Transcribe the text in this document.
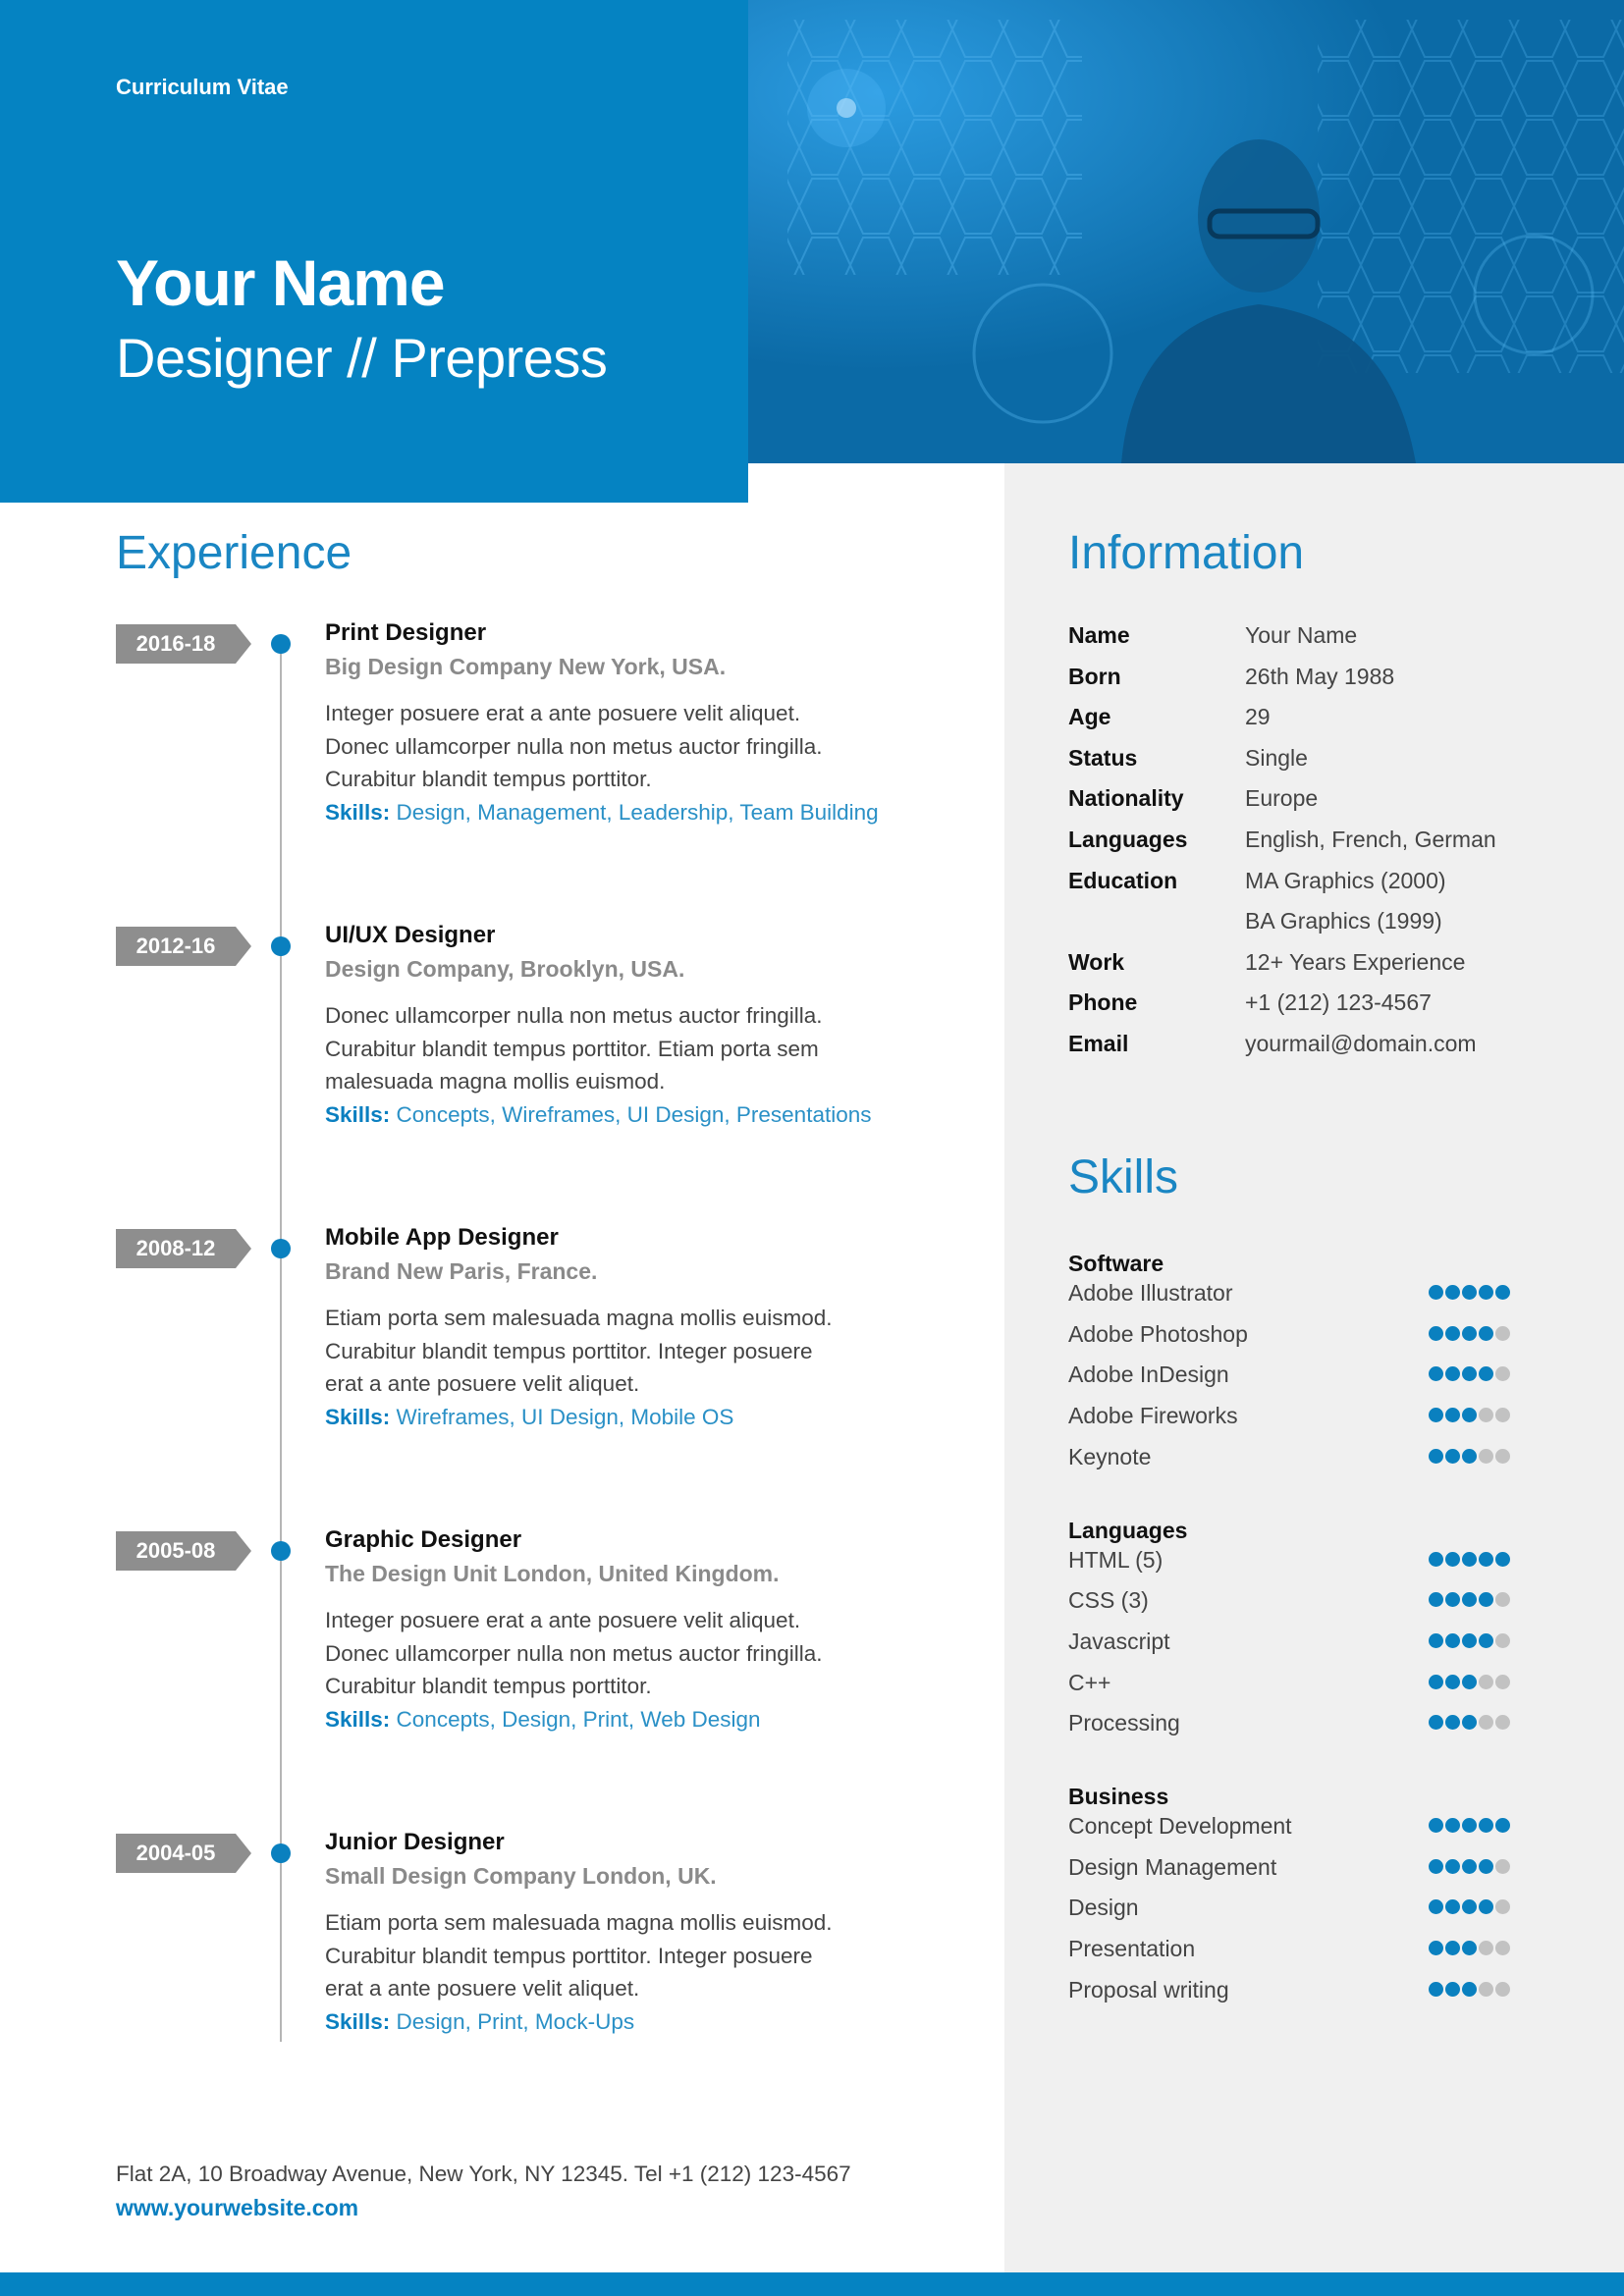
Curriculum Vitae
Your Name
Designer // Prepress
Experience
2016-18	Print Designer
Big Design Company New York, USA.
Integer posuere erat a ante posuere velit aliquet.
Donec ullamcorper nulla non metus auctor fringilla.
Curabitur blandit tempus porttitor.
Skills: Design, Management, Leadership, Team Building
2012-16	UI/UX Designer
Design Company, Brooklyn, USA.
Donec ullamcorper nulla non metus auctor fringilla.
Curabitur blandit tempus porttitor. Etiam porta sem
malesuada magna mollis euismod.
Skills: Concepts, Wireframes, UI Design, Presentations
2008-12	Mobile App Designer
Brand New Paris, France.
Etiam porta sem malesuada magna mollis euismod.
Curabitur blandit tempus porttitor. Integer posuere
erat a ante posuere velit aliquet.
Skills: Wireframes, UI Design, Mobile OS
2005-08	Graphic Designer
The Design Unit London, United Kingdom.
Integer posuere erat a ante posuere velit aliquet.
Donec ullamcorper nulla non metus auctor fringilla.
Curabitur blandit tempus porttitor.
Skills: Concepts, Design, Print, Web Design
2004-05	Junior Designer
Small Design Company London, UK.
Etiam porta sem malesuada magna mollis euismod.
Curabitur blandit tempus porttitor. Integer posuere
erat a ante posuere velit aliquet.
Skills: Design, Print, Mock-Ups
Information
Name	Your Name
Born	26th May 1988
Age	29
Status	Single
Nationality	Europe
Languages	English, French, German
Education	MA Graphics (2000)
BA Graphics (1999)
Work	12+ Years Experience
Phone	+1 (212) 123-4567
Email	yourmail@domain.com
Skills
Software
Adobe Illustrator
Adobe Photoshop
Adobe InDesign
Adobe Fireworks
Keynote
Languages
HTML (5)
CSS (3)
Javascript
C++
Processing
Business
Concept Development
Design Management
Design
Presentation
Proposal writing
Flat 2A, 10 Broadway Avenue, New York, NY 12345. Tel +1 (212) 123-4567
www.yourwebsite.com
